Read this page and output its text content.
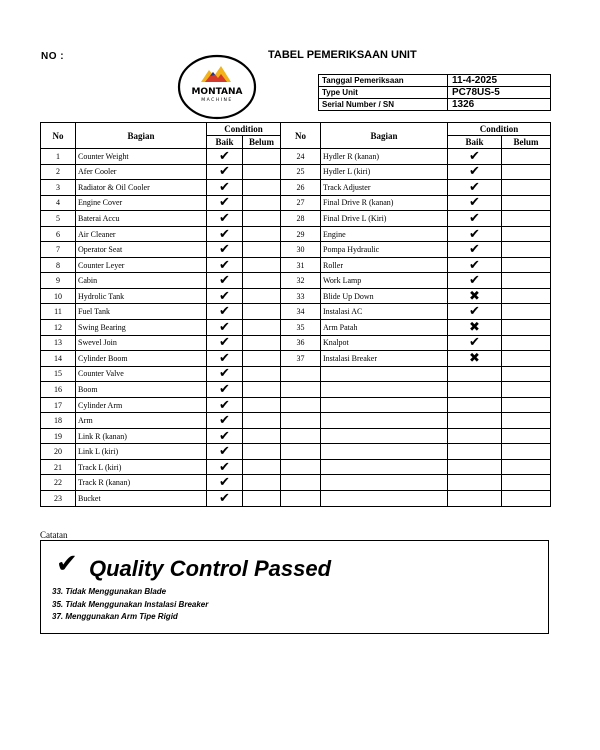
NO :	TABEL PEMERIKSAAN UNIT
MONTANA
MACHINE
Tanggal Pemeriksaan	11-4-2025
Type Unit	PC78US-5
Serial Number / SN	1326
No	Bagian	Condition	
		Baik	Belum
1	Counter Weight	✔	
2	Afer Cooler	✔	
3	Radiator & Oil Cooler	✔	
4	Engine Cover	✔	
5	Baterai Accu	✔	
6	Air Cleaner	✔	
7	Operator Seat	✔	
8	Counter Leyer	✔	
9	Cabin	✔	
10	Hydrolic Tank	✔	
11	Fuel Tank	✔	
12	Swing Bearing	✔	
13	Swevel Join	✔	
14	Cylinder Boom	✔	
15	Counter Valve	✔	
16	Boom	✔	
17	Cylinder Arm	✔	
18	Arm	✔	
19	Link R (kanan)	✔	
20	Link L (kiri)	✔	
21	Track L (kiri)	✔	
22	Track R (kanan)	✔	
23	Bucket	✔	
No	Bagian	Condition	
		Baik	Belum
24	Hydler R (kanan)	✔	
25	Hydler L (kiri)	✔	
26	Track Adjuster	✔	
27	Final Drive R (kanan)	✔	
28	Final Drive L (Kiri)	✔	
29	Engine	✔	
30	Pompa Hydraulic	✔	
31	Roller	✔	
32	Work Lamp	✔	
33	Blide Up Down	✖	
34	Instalasi AC	✔	
35	Arm Patah	✖	
36	Knalpot	✔	
37	Instalasi Breaker	✖	

Catatan
✔ Quality Control Passed
33. Tidak Menggunakan Blade
35. Tidak Menggunakan Instalasi Breaker
37. Menggunakan Arm Tipe Rigid
